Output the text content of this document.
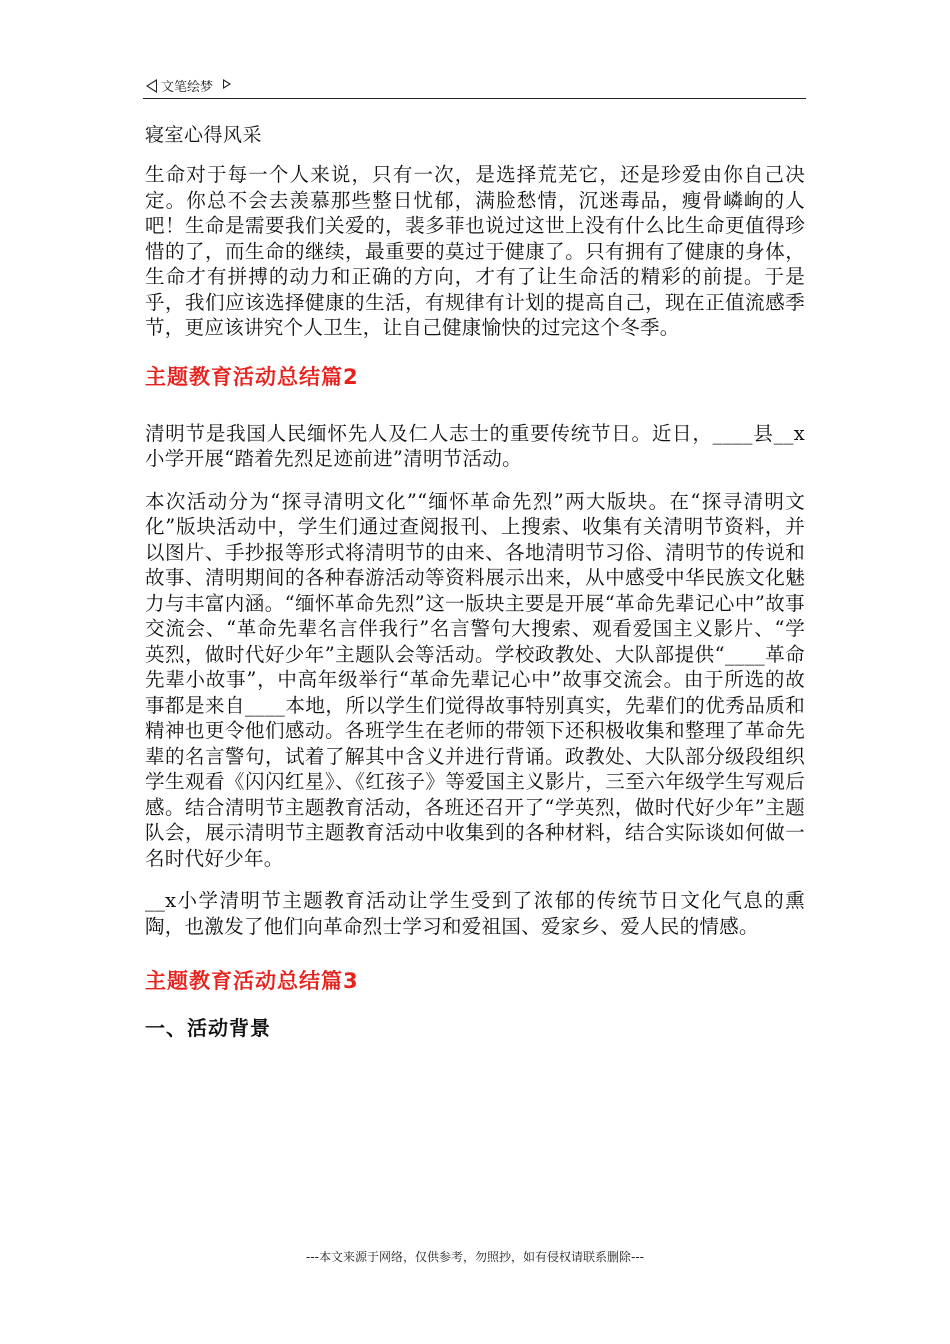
文笔绘梦
寝室心得风采

生命对于每一个人来说，只有一次，是选择荒芜它，还是珍爱由你自己决定。你总不会去羡慕那些整日忧郁，满脸愁情，沉迷毒品，瘦骨嶙峋的人吧！生命是需要我们关爱的，裴多菲也说过这世上没有什么比生命更值得珍惜的了，而生命的继续，最重要的莫过于健康了。只有拥有了健康的身体，生命才有拼搏的动力和正确的方向，才有了让生命活的精彩的前提。于是乎，我们应该选择健康的生活，有规律有计划的提高自己，现在正值流感季节，更应该讲究个人卫生，让自己健康愉快的过完这个冬季。

主题教育活动总结篇2

清明节是我国人民缅怀先人及仁人志士的重要传统节日。近日，____县__x小学开展“踏着先烈足迹前进”清明节活动。

本次活动分为“探寻清明文化”“缅怀革命先烈”两大版块。在“探寻清明文化”版块活动中，学生们通过查阅报刊、上搜索、收集有关清明节资料，并以图片、手抄报等形式将清明节的由来、各地清明节习俗、清明节的传说和故事、清明期间的各种春游活动等资料展示出来，从中感受中华民族文化魅力与丰富内涵。“缅怀革命先烈”这一版块主要是开展“革命先辈记心中”故事交流会、“革命先辈名言伴我行”名言警句大搜索、观看爱国主义影片、“学英烈，做时代好少年”主题队会等活动。学校政教处、大队部提供“____革命先辈小故事”，中高年级举行“革命先辈记心中”故事交流会。由于所选的故事都是来自____本地，所以学生们觉得故事特别真实，先辈们的优秀品质和精神也更令他们感动。各班学生在老师的带领下还积极收集和整理了革命先辈的名言警句，试着了解其中含义并进行背诵。政教处、大队部分级段组织学生观看《闪闪红星》、《红孩子》等爱国主义影片，三至六年级学生写观后感。结合清明节主题教育活动，各班还召开了“学英烈，做时代好少年”主题队会，展示清明节主题教育活动中收集到的各种材料，结合实际谈如何做一名时代好少年。

__x小学清明节主题教育活动让学生受到了浓郁的传统节日文化气息的熏陶，也激发了他们向革命烈士学习和爱祖国、爱家乡、爱人民的情感。

主题教育活动总结篇3
一、活动背景
---本文来源于网络，仅供参考，勿照抄，如有侵权请联系删除---
